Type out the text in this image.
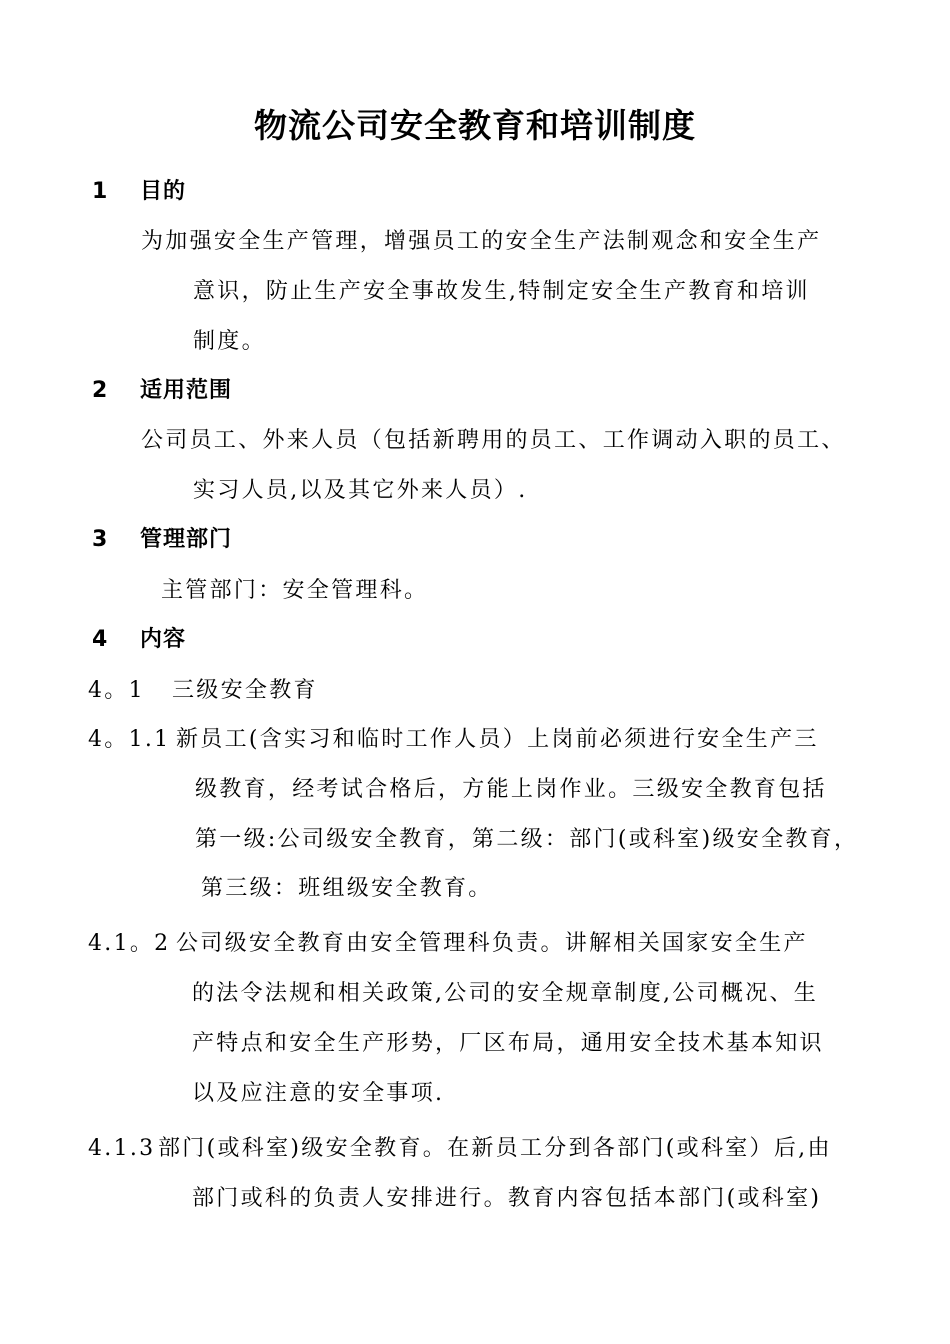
物流公司安全教育和培训制度
1 目的
为加强安全生产管理，增强员工的安全生产法制观念和安全生产
意识，防止生产安全事故发生,特制定安全生产教育和培训
制度。
2 适用范围
公司员工、外来人员（包括新聘用的员工、工作调动入职的员工、
实习人员,以及其它外来人员）.
3 管理部门
主管部门：安全管理科。
4 内容
4。1 三级安全教育
4。1.1 新员工(含实习和临时工作人员）上岗前必须进行安全生产三
级教育，经考试合格后，方能上岗作业。三级安全教育包括
第一级:公司级安全教育，第二级：部门(或科室)级安全教育，
第三级：班组级安全教育。
4.1。2 公司级安全教育由安全管理科负责。讲解相关国家安全生产
的法令法规和相关政策,公司的安全规章制度,公司概况、生
产特点和安全生产形势，厂区布局，通用安全技术基本知识
以及应注意的安全事项.
4.1.3 部门(或科室)级安全教育。在新员工分到各部门(或科室）后,由
部门或科的负责人安排进行。教育内容包括本部门(或科室)
